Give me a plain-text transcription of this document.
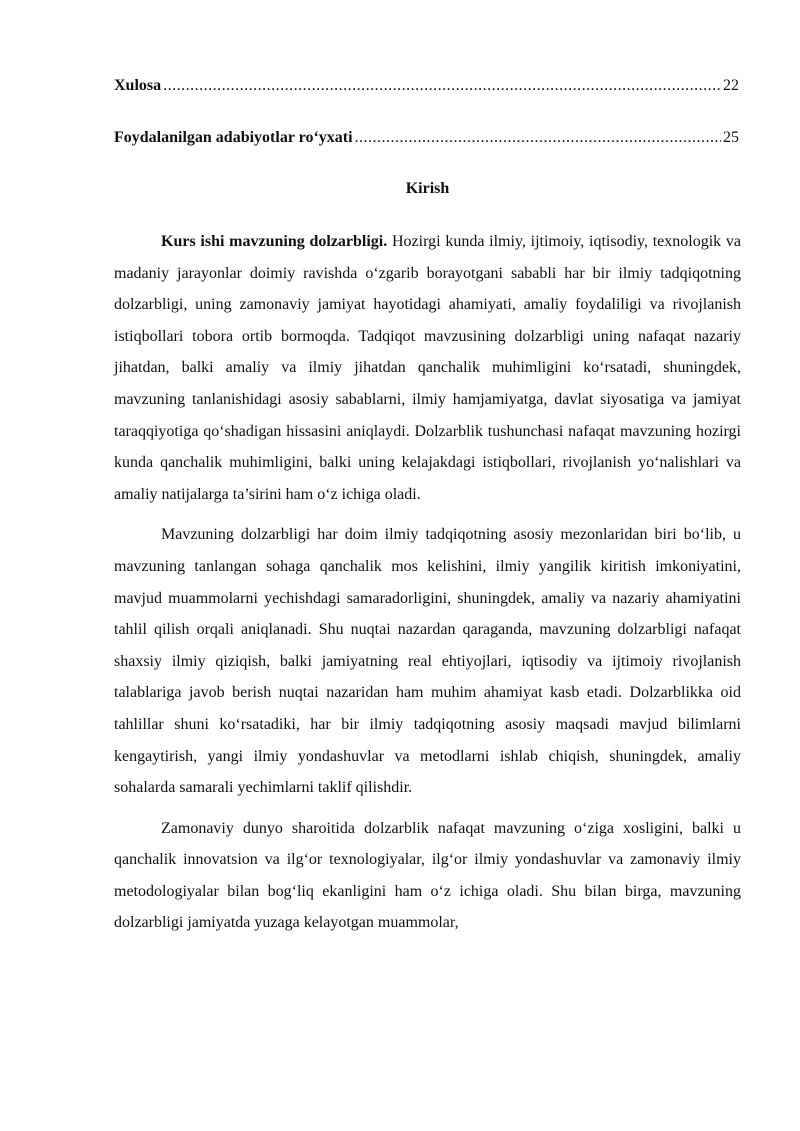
Xulosa .....	22
Foydalanilgan adabiyotlar ro‘yxati .....	25
Kirish

Kurs ishi mavzuning dolzarbligi. Hozirgi kunda ilmiy, ijtimoiy, iqtisodiy, texnologik va madaniy jarayonlar doimiy ravishda o‘zgarib borayotgani sababli har bir ilmiy tadqiqotning dolzarbligi, uning zamonaviy jamiyat hayotidagi ahamiyati, amaliy foydaliligi va rivojlanish istiqbollari tobora ortib bormoqda. Tadqiqot mavzusining dolzarbligi uning nafaqat nazariy jihatdan, balki amaliy va ilmiy jihatdan qanchalik muhimligini ko‘rsatadi, shuningdek, mavzuning tanlanishidagi asosiy sabablarni, ilmiy hamjamiyatga, davlat siyosatiga va jamiyat taraqqiyotiga qo‘shadigan hissasini aniqlaydi. Dolzarblik tushunchasi nafaqat mavzuning hozirgi kunda qanchalik muhimligini, balki uning kelajakdagi istiqbollari, rivojlanish yo‘nalishlari va amaliy natijalarga ta’sirini ham o‘z ichiga oladi.

Mavzuning dolzarbligi har doim ilmiy tadqiqotning asosiy mezonlaridan biri bo‘lib, u mavzuning tanlangan sohaga qanchalik mos kelishini, ilmiy yangilik kiritish imkoniyatini, mavjud muammolarni yechishdagi samaradorligini, shuningdek, amaliy va nazariy ahamiyatini tahlil qilish orqali aniqlanadi. Shu nuqtai nazardan qaraganda, mavzuning dolzarbligi nafaqat shaxsiy ilmiy qiziqish, balki jamiyatning real ehtiyojlari, iqtisodiy va ijtimoiy rivojlanish talablariga javob berish nuqtai nazaridan ham muhim ahamiyat kasb etadi. Dolzarblikka oid tahlillar shuni ko‘rsatadiki, har bir ilmiy tadqiqotning asosiy maqsadi mavjud bilimlarni kengaytirish, yangi ilmiy yondashuvlar va metodlarni ishlab chiqish, shuningdek, amaliy sohalarda samarali yechimlarni taklif qilishdir.

Zamonaviy dunyo sharoitida dolzarblik nafaqat mavzuning o‘ziga xosligini, balki u qanchalik innovatsion va ilg‘or texnologiyalar, ilg‘or ilmiy yondashuvlar va zamonaviy ilmiy metodologiyalar bilan bog‘liq ekanligini ham o‘z ichiga oladi. Shu bilan birga, mavzuning dolzarbligi jamiyatda yuzaga kelayotgan muammolar,
